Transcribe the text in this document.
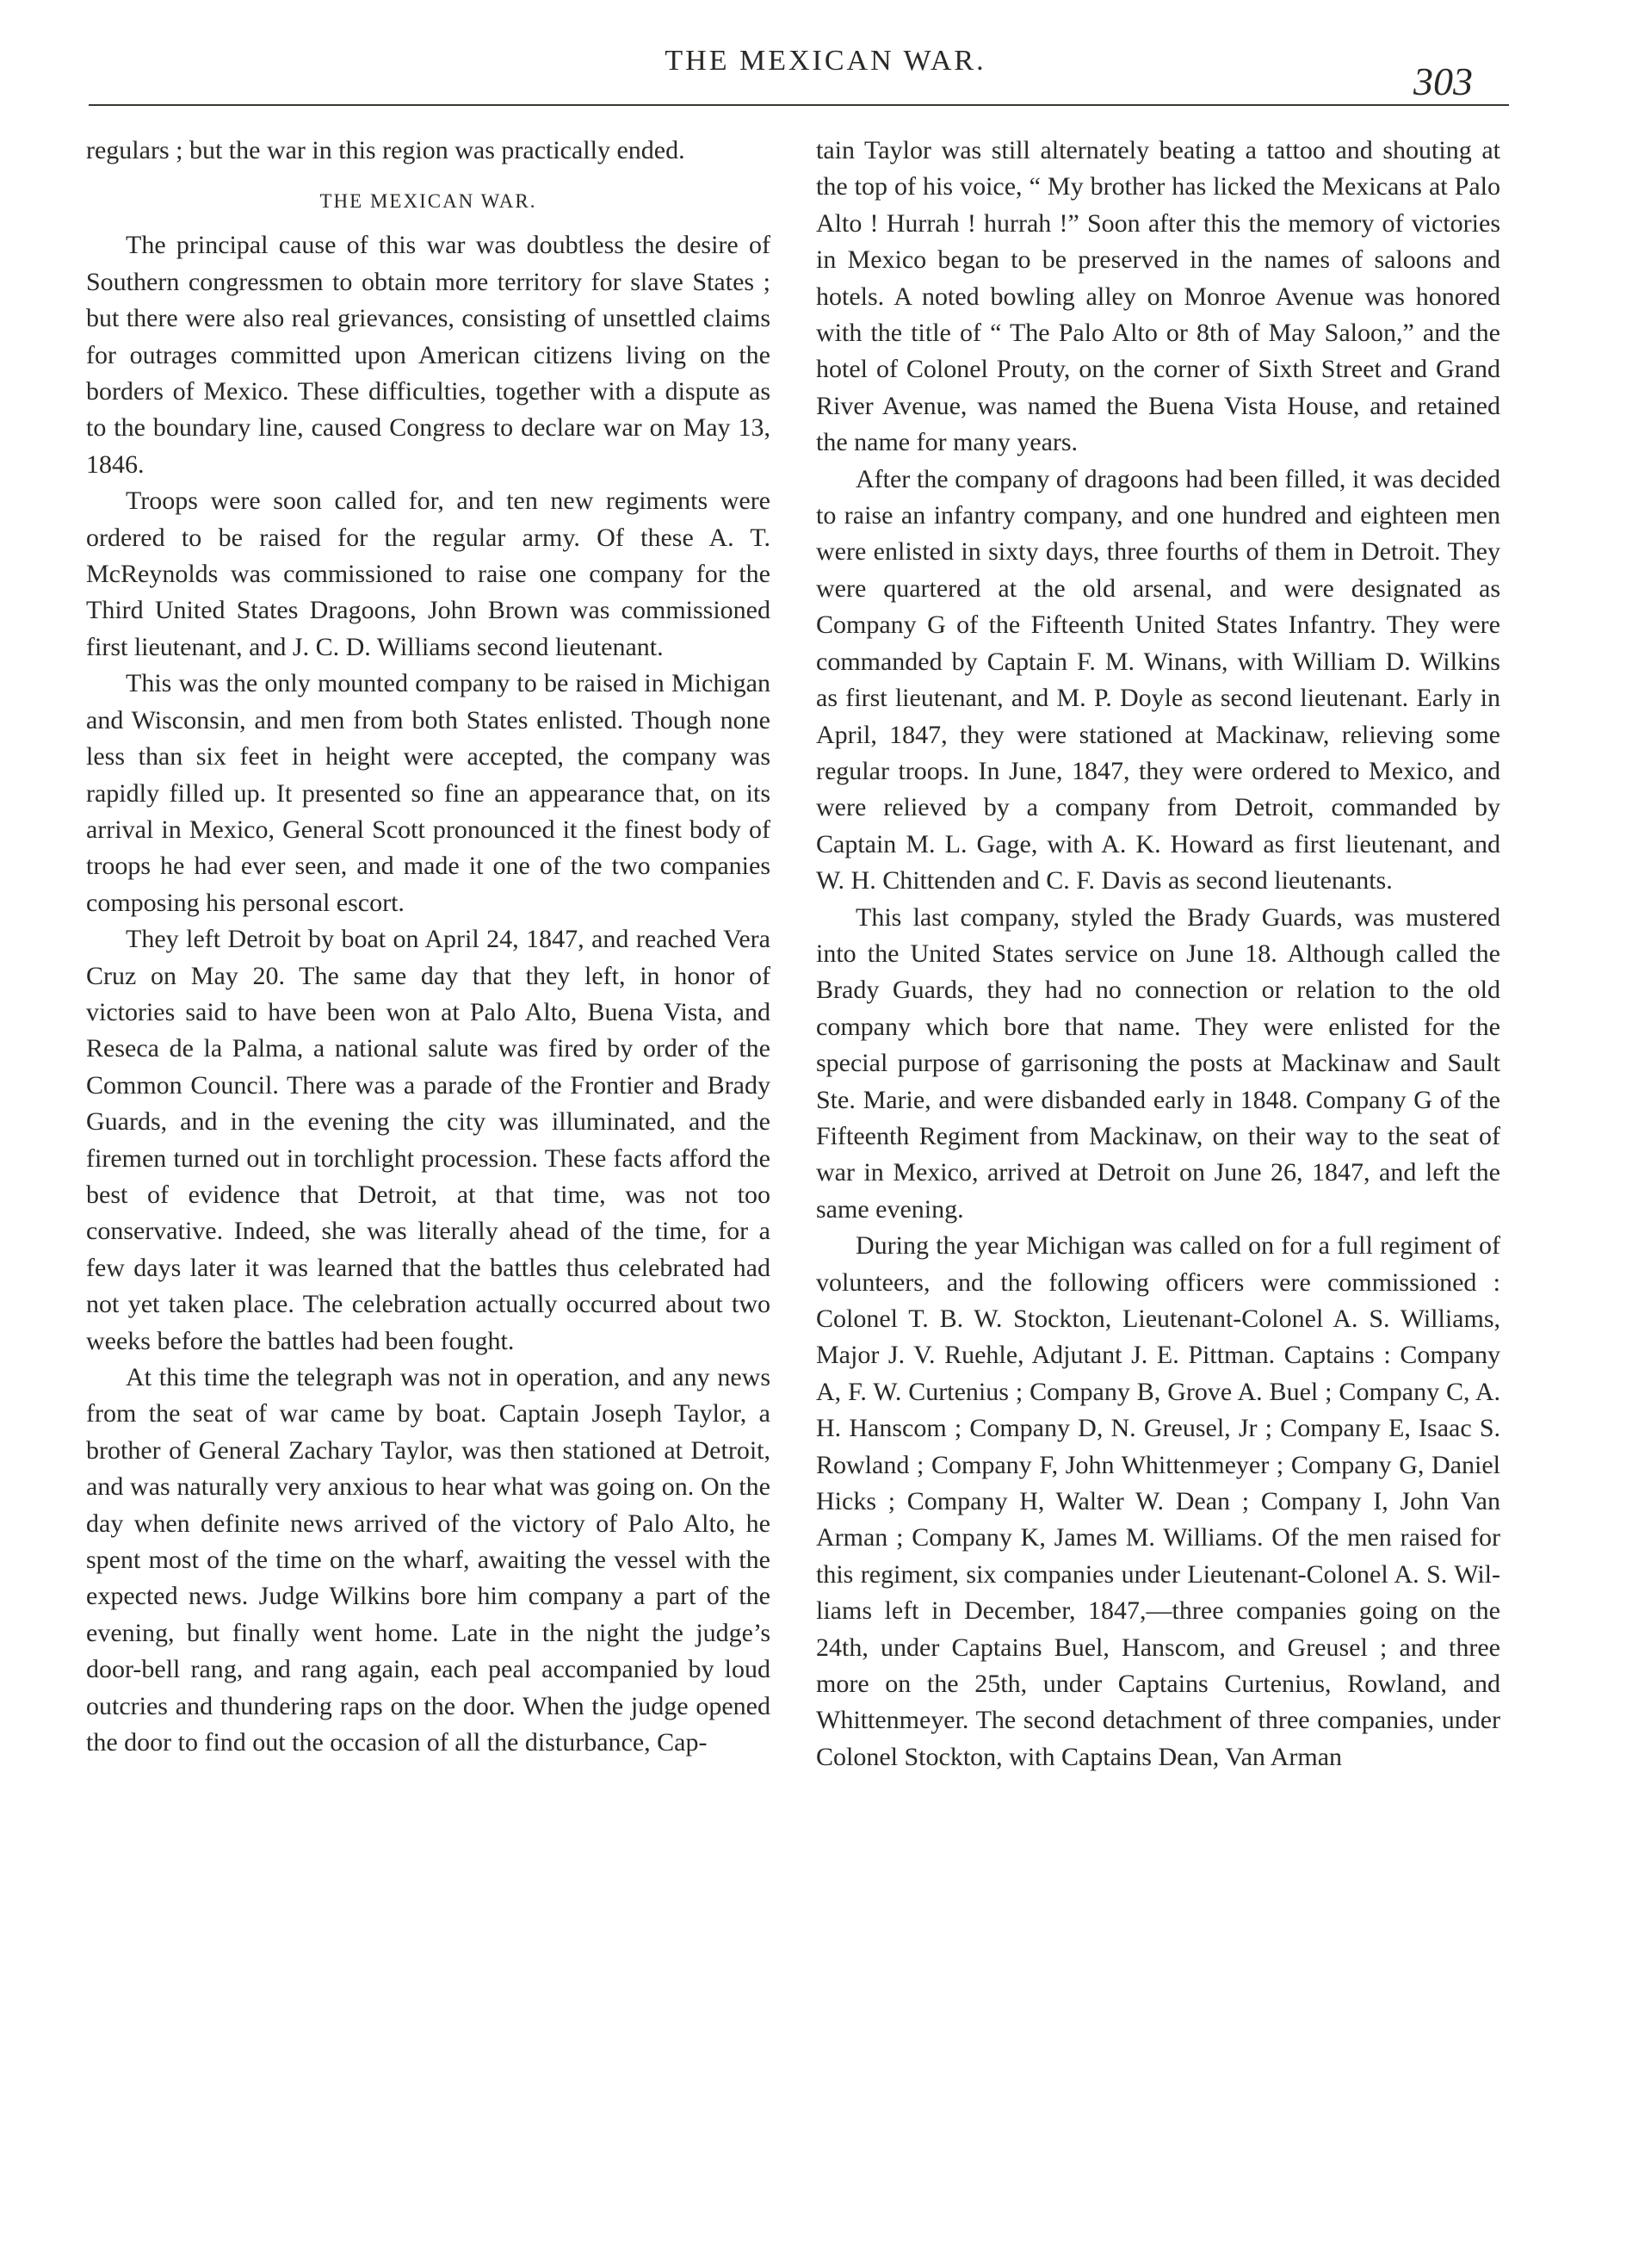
THE MEXICAN WAR.	303

regulars ; but the war in this region was practically ended.

THE MEXICAN WAR.

The principal cause of this war was doubtless the desire of Southern congressmen to obtain more territory for slave States ; but there were also real grievances, consisting of unsettled claims for outrages committed upon American citizens living on the borders of Mexico. These difficulties, together with a dispute as to the boundary line, caused Congress to declare war on May 13, 1846.

Troops were soon called for, and ten new regiments were ordered to be raised for the regular army. Of these A. T. McReynolds was commissioned to raise one company for the Third United States Dragoons, John Brown was commissioned first lieutenant, and J. C. D. Williams second lieutenant.

This was the only mounted company to be raised in Michigan and Wisconsin, and men from both States enlisted. Though none less than six feet in height were accepted, the company was rapidly filled up. It presented so fine an appearance that, on its arrival in Mexico, General Scott pronounced it the finest body of troops he had ever seen, and made it one of the two companies composing his personal escort.

They left Detroit by boat on April 24, 1847, and reached Vera Cruz on May 20. The same day that they left, in honor of victories said to have been won at Palo Alto, Buena Vista, and Reseca de la Palma, a national salute was fired by order of the Common Council. There was a parade of the Frontier and Brady Guards, and in the evening the city was illuminated, and the firemen turned out in torchlight procession. These facts afford the best of evidence that Detroit, at that time, was not too conservative. Indeed, she was literally ahead of the time, for a few days later it was learned that the battles thus celebrated had not yet taken place. The celebration actually occurred about two weeks before the battles had been fought.

At this time the telegraph was not in operation, and any news from the seat of war came by boat. Captain Joseph Taylor, a brother of General Zachary Taylor, was then stationed at Detroit, and was naturally very anxious to hear what was going on. On the day when definite news arrived of the victory of Palo Alto, he spent most of the time on the wharf, awaiting the vessel with the expected news. Judge Wilkins bore him company a part of the evening, but finally went home. Late in the night the judge’s door-bell rang, and rang again, each peal accompanied by loud outcries and thundering raps on the door. When the judge opened the door to find out the occasion of all the disturbance, Cap-

tain Taylor was still alternately beating a tattoo and shouting at the top of his voice, “ My brother has licked the Mexicans at Palo Alto ! Hurrah ! hurrah !” Soon after this the memory of victories in Mexico began to be preserved in the names of saloons and hotels. A noted bowling alley on Monroe Avenue was honored with the title of “ The Palo Alto or 8th of May Saloon,” and the hotel of Colonel Prouty, on the corner of Sixth Street and Grand River Avenue, was named the Buena Vista House, and retained the name for many years.

After the company of dragoons had been filled, it was decided to raise an infantry company, and one hundred and eighteen men were enlisted in sixty days, three fourths of them in Detroit. They were quartered at the old arsenal, and were designated as Company G of the Fifteenth United States Infantry. They were commanded by Captain F. M. Winans, with William D. Wilkins as first lieutenant, and M. P. Doyle as second lieutenant. Early in April, 1847, they were stationed at Mackinaw, relieving some regular troops. In June, 1847, they were ordered to Mexico, and were relieved by a company from Detroit, commanded by Captain M. L. Gage, with A. K. Howard as first lieutenant, and W. H. Chittenden and C. F. Davis as second lieutenants.

This last company, styled the Brady Guards, was mustered into the United States service on June 18. Although called the Brady Guards, they had no connection or relation to the old company which bore that name. They were enlisted for the special purpose of garrisoning the posts at Mackinaw and Sault Ste. Marie, and were disbanded early in 1848. Company G of the Fifteenth Regiment from Mackinaw, on their way to the seat of war in Mexico, arrived at Detroit on June 26, 1847, and left the same evening.

During the year Michigan was called on for a full regiment of volunteers, and the following officers were commissioned : Colonel T. B. W. Stockton, Lieutenant-Colonel A. S. Williams, Major J. V. Ruehle, Adjutant J. E. Pittman. Captains : Company A, F. W. Curtenius ; Company B, Grove A. Buel ; Company C, A. H. Hanscom ; Company D, N. Greusel, Jr ; Company E, Isaac S. Rowland ; Company F, John Whittenmeyer ; Company G, Daniel Hicks ; Company H, Walter W. Dean ; Company I, John Van Arman ; Company K, James M. Williams. Of the men raised for this regiment, six companies under Lieutenant-Colonel A. S. Williams left in December, 1847,—three companies going on the 24th, under Captains Buel, Hanscom, and Greusel ; and three more on the 25th, under Captains Curtenius, Rowland, and Whittenmeyer. The second detachment of three companies, under Colonel Stockton, with Captains Dean, Van Arman
